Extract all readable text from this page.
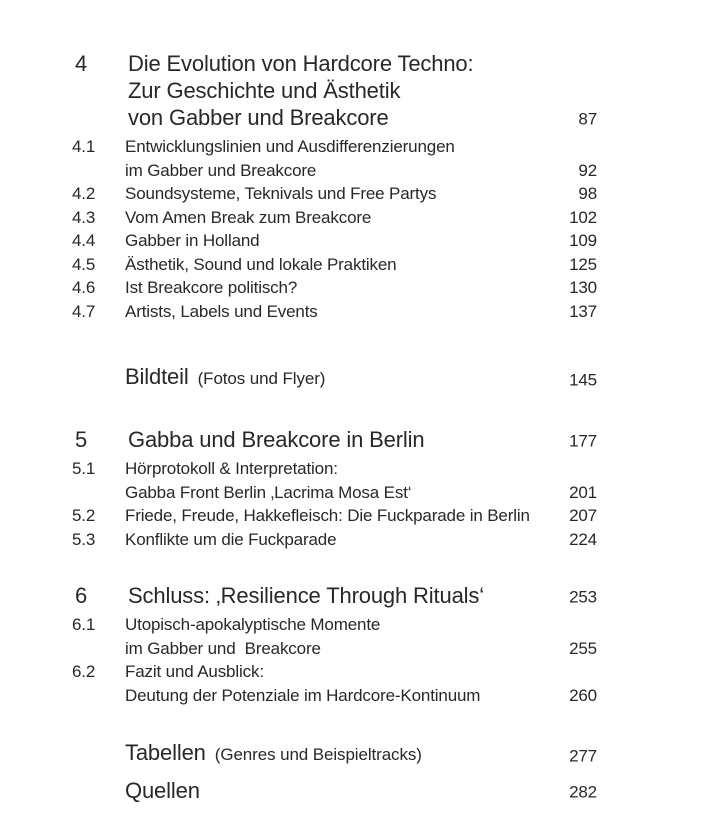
4	Die Evolution von Hardcore Techno:
Zur Geschichte und Ästhetik
von Gabber und Breakcore	87
4.1	Entwicklungslinien und Ausdifferenzierungen
im Gabber und Breakcore	92
4.2	Soundsysteme, Teknivals und Free Partys	98
4.3	Vom Amen Break zum Breakcore	102
4.4	Gabber in Holland	109
4.5	Ästhetik, Sound und lokale Praktiken	125
4.6	Ist Breakcore politisch?	130
4.7	Artists, Labels und Events	137
Bildteil (Fotos und Flyer)	145
5	Gabba und Breakcore in Berlin	177
5.1	Hörprotokoll & Interpretation:
Gabba Front Berlin ‚Lacrima Mosa Est‘	201
5.2	Friede, Freude, Hakkefleisch: Die Fuckparade in Berlin	207
5.3	Konflikte um die Fuckparade	224
6	Schluss: ‚Resilience Through Rituals‘	253
6.1	Utopisch-apokalyptische Momente
im Gabber und  Breakcore	255
6.2	Fazit und Ausblick:
Deutung der Potenziale im Hardcore-Kontinuum	260
Tabellen (Genres und Beispieltracks)	277
Quellen	282
